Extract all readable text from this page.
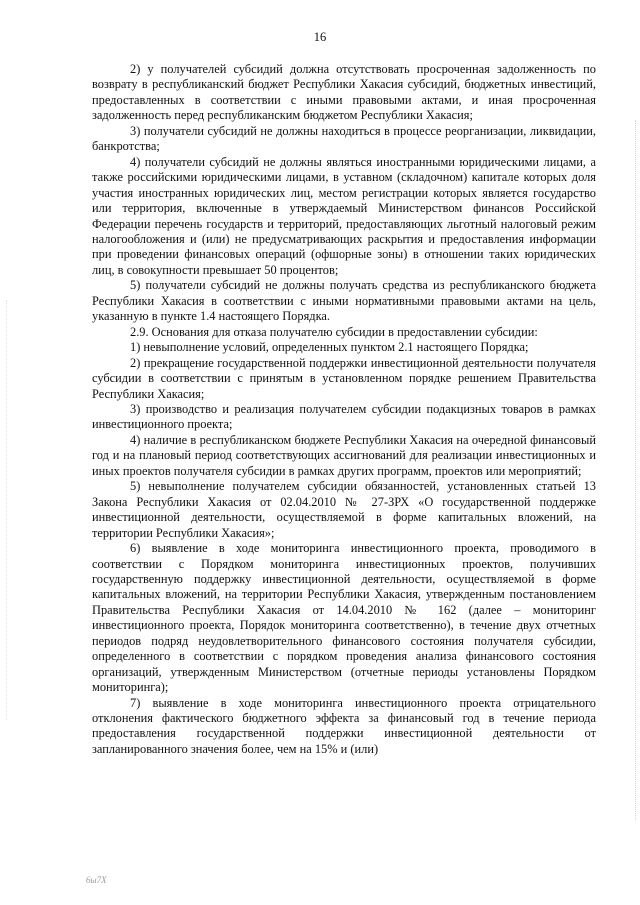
16

2) у получателей субсидий должна отсутствовать просроченная задолженность по возврату в республиканский бюджет Республики Хакасия субсидий, бюджетных инвестиций, предоставленных в соответствии с иными правовыми актами, и иная просроченная задолженность перед республиканским бюджетом Республики Хакасия;

3) получатели субсидий не должны находиться в процессе реорганизации, ликвидации, банкротства;

4) получатели субсидий не должны являться иностранными юридическими лицами, а также российскими юридическими лицами, в уставном (складочном) капитале которых доля участия иностранных юридических лиц, местом регистрации которых является государство или территория, включенные в утверждаемый Министерством финансов Российской Федерации перечень государств и территорий, предоставляющих льготный налоговый режим налогообложения и (или) не предусматривающих раскрытия и предоставления информации при проведении финансовых операций (офшорные зоны) в отношении таких юридических лиц, в совокупности превышает 50 процентов;

5) получатели субсидий не должны получать средства из республиканского бюджета Республики Хакасия в соответствии с иными нормативными правовыми актами на цель, указанную в пункте 1.4 настоящего Порядка.

2.9. Основания для отказа получателю субсидии в предоставлении субсидии:

1) невыполнение условий, определенных пунктом 2.1 настоящего Порядка;

2) прекращение государственной поддержки инвестиционной деятельности получателя субсидии в соответствии с принятым в установленном порядке решением Правительства Республики Хакасия;

3) производство и реализация получателем субсидии подакцизных товаров в рамках инвестиционного проекта;

4) наличие в республиканском бюджете Республики Хакасия на очередной финансовый год и на плановый период соответствующих ассигнований для реализации инвестиционных и иных проектов получателя субсидии в рамках других программ, проектов или мероприятий;

5) невыполнение получателем субсидии обязанностей, установленных статьей 13 Закона Республики Хакасия от 02.04.2010 № 27-ЗРХ «О государственной поддержке инвестиционной деятельности, осуществляемой в форме капитальных вложений, на территории Республики Хакасия»;

6) выявление в ходе мониторинга инвестиционного проекта, проводимого в соответствии с Порядком мониторинга инвестиционных проектов, получивших государственную поддержку инвестиционной деятельности, осуществляемой в форме капитальных вложений, на территории Республики Хакасия, утвержденным постановлением Правительства Республики Хакасия от 14.04.2010 № 162 (далее – мониторинг инвестиционного проекта, Порядок мониторинга соответственно), в течение двух отчетных периодов подряд неудовлетворительного финансового состояния получателя субсидии, определенного в соответствии с порядком проведения анализа финансового состояния организаций, утвержденным Министерством (отчетные периоды установлены Порядком мониторинга);

7) выявление в ходе мониторинга инвестиционного проекта отрицательного отклонения фактического бюджетного эффекта за финансовый год в течение периода предоставления государственной поддержки инвестиционной деятельности от запланированного значения более, чем на 15% и (или)

6ы7Х
